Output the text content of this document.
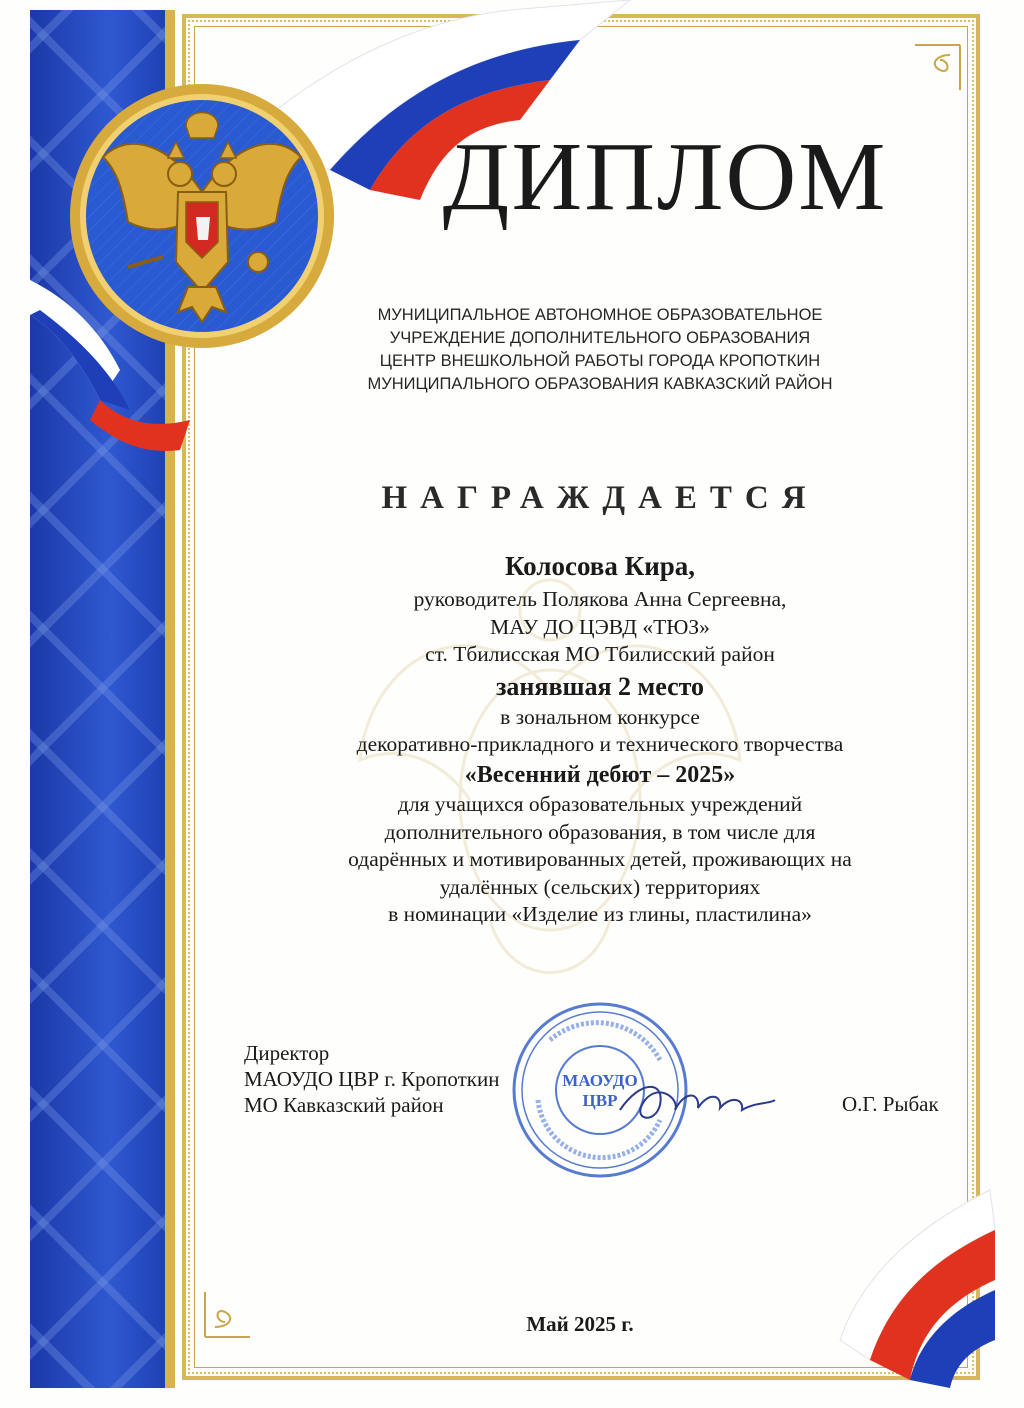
ДИПЛОМ
МУНИЦИПАЛЬНОЕ АВТОНОМНОЕ ОБРАЗОВАТЕЛЬНОЕ
УЧРЕЖДЕНИЕ ДОПОЛНИТЕЛЬНОГО ОБРАЗОВАНИЯ
ЦЕНТР ВНЕШКОЛЬНОЙ РАБОТЫ ГОРОДА КРОПОТКИН
МУНИЦИПАЛЬНОГО ОБРАЗОВАНИЯ КАВКАЗСКИЙ РАЙОН
НАГРАЖДАЕТСЯ
Колосова Кира,
руководитель Полякова Анна Сергеевна,
МАУ ДО ЦЭВД «ТЮЗ»
ст. Тбилисская МО Тбилисский район
занявшая 2 место
в зональном конкурсе
декоративно-прикладного и технического творчества
«Весенний дебют – 2025»
для учащихся образовательных учреждений
дополнительного образования, в том числе для
одарённых и мотивированных детей, проживающих на
удалённых (сельских) территориях
в номинации «Изделие из глины, пластилина»
Директор
МАОУДО ЦВР г. Кропоткин
МО Кавказский район
МАОУДО
ЦВР	О.Г. Рыбак
Май 2025 г.
